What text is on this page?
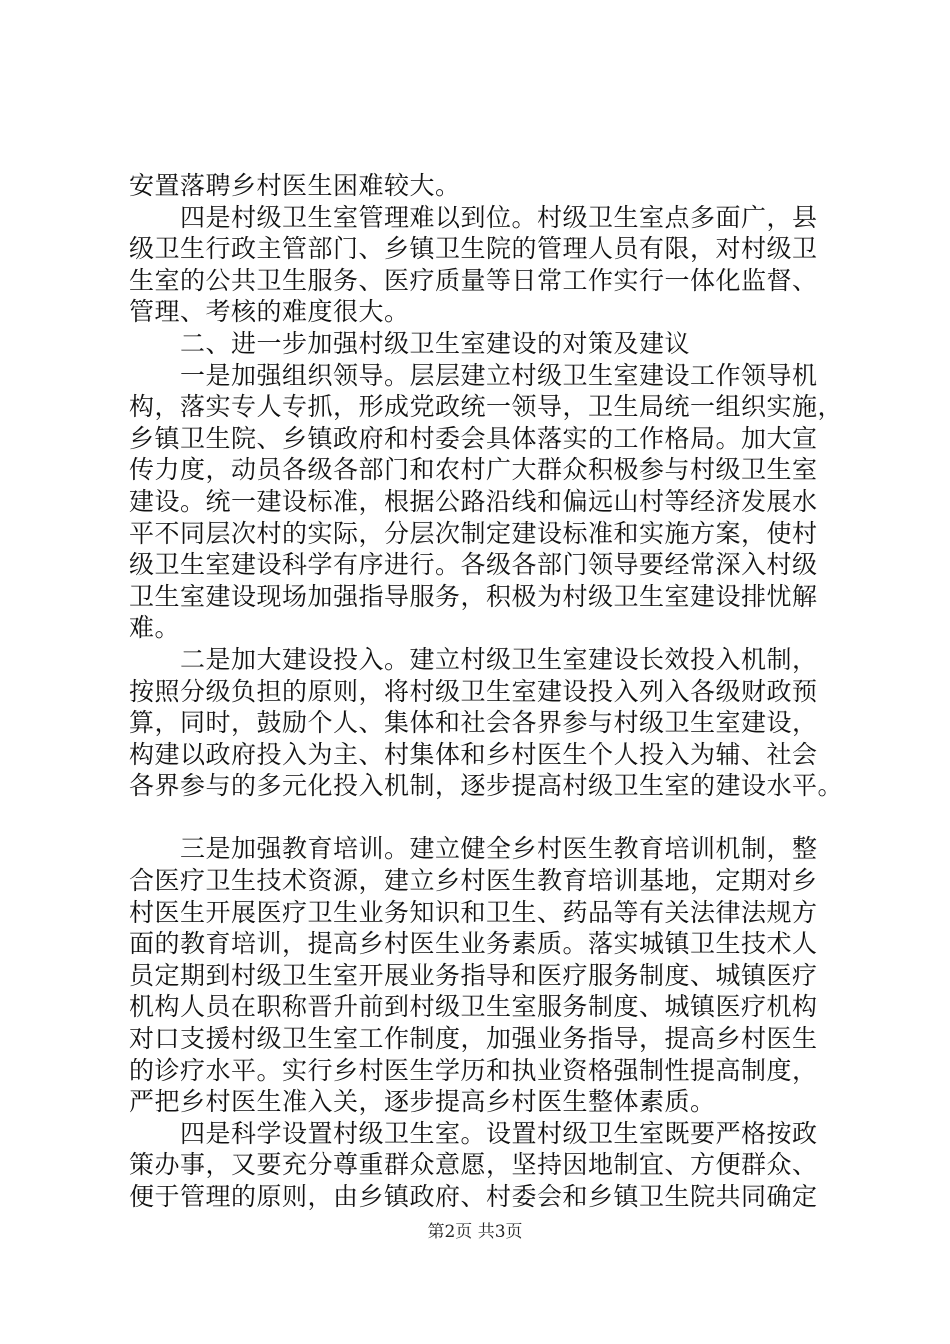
安置落聘乡村医生困难较大。
　　四是村级卫生室管理难以到位。村级卫生室点多面广，县
级卫生行政主管部门、乡镇卫生院的管理人员有限，对村级卫
生室的公共卫生服务、医疗质量等日常工作实行一体化监督、
管理、考核的难度很大。
　　二、进一步加强村级卫生室建设的对策及建议
　　一是加强组织领导。层层建立村级卫生室建设工作领导机
构，落实专人专抓，形成党政统一领导，卫生局统一组织实施，
乡镇卫生院、乡镇政府和村委会具体落实的工作格局。加大宣
传力度，动员各级各部门和农村广大群众积极参与村级卫生室
建设。统一建设标准，根据公路沿线和偏远山村等经济发展水
平不同层次村的实际，分层次制定建设标准和实施方案，使村
级卫生室建设科学有序进行。各级各部门领导要经常深入村级
卫生室建设现场加强指导服务，积极为村级卫生室建设排忧解
难。
　　二是加大建设投入。建立村级卫生室建设长效投入机制，
按照分级负担的原则，将村级卫生室建设投入列入各级财政预
算，同时，鼓励个人、集体和社会各界参与村级卫生室建设，
构建以政府投入为主、村集体和乡村医生个人投入为辅、社会
各界参与的多元化投入机制，逐步提高村级卫生室的建设水平。
　　三是加强教育培训。建立健全乡村医生教育培训机制，整
合医疗卫生技术资源，建立乡村医生教育培训基地，定期对乡
村医生开展医疗卫生业务知识和卫生、药品等有关法律法规方
面的教育培训，提高乡村医生业务素质。落实城镇卫生技术人
员定期到村级卫生室开展业务指导和医疗服务制度、城镇医疗
机构人员在职称晋升前到村级卫生室服务制度、城镇医疗机构
对口支援村级卫生室工作制度，加强业务指导，提高乡村医生
的诊疗水平。实行乡村医生学历和执业资格强制性提高制度，
严把乡村医生准入关，逐步提高乡村医生整体素质。
　　四是科学设置村级卫生室。设置村级卫生室既要严格按政
策办事，又要充分尊重群众意愿，坚持因地制宜、方便群众、
便于管理的原则，由乡镇政府、村委会和乡镇卫生院共同确定
第2页 共3页
